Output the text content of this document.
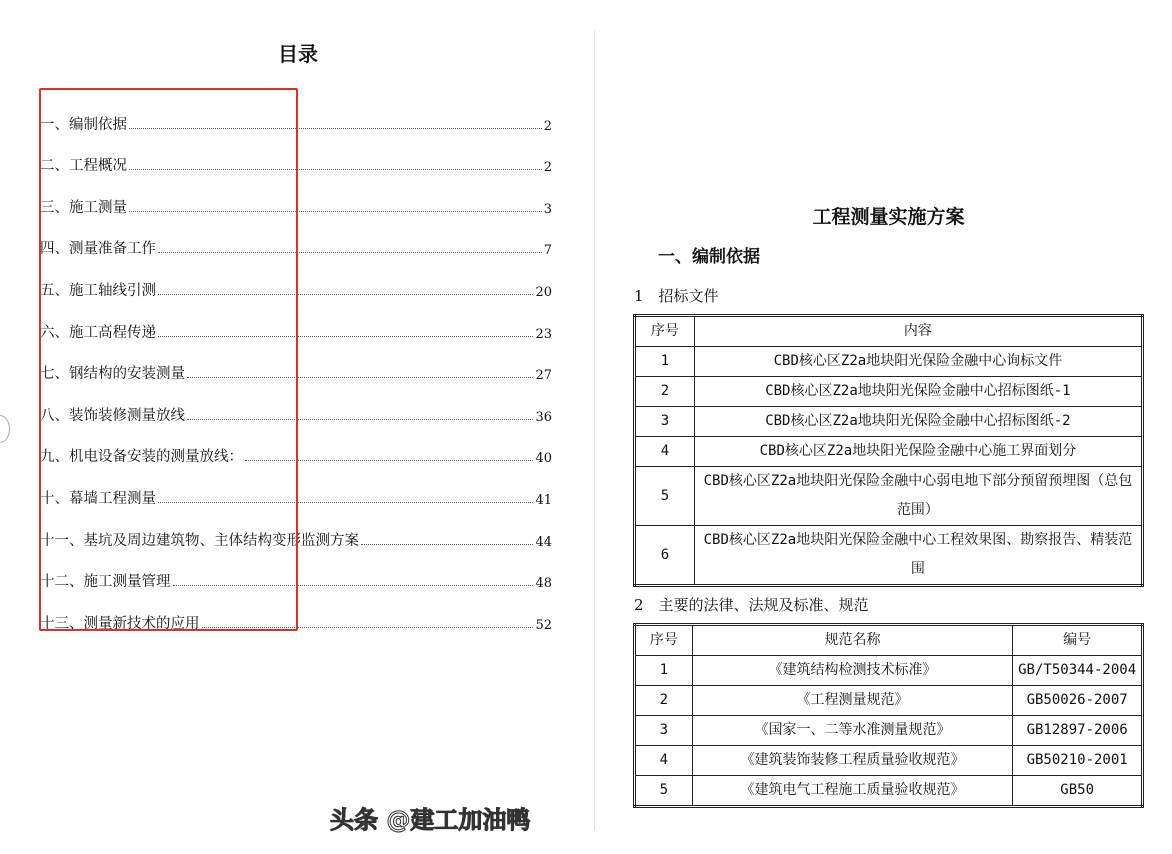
目录
一、编制依据	2
二、工程概况	2
三、施工测量	3
四、测量准备工作	7
五、施工轴线引测	20
六、施工高程传递	23
七、钢结构的安装测量	27
八、装饰装修测量放线	36
九、机电设备安装的测量放线：	40
十、幕墙工程测量	41
十一、基坑及周边建筑物、主体结构变形监测方案	44
十二、施工测量管理	48
十三、测量新技术的应用	52
工程测量实施方案
一、编制依据
1　招标文件
序号	内容
1	CBD核心区Z2a地块阳光保险金融中心询标文件
2	CBD核心区Z2a地块阳光保险金融中心招标图纸-1
3	CBD核心区Z2a地块阳光保险金融中心招标图纸-2
4	CBD核心区Z2a地块阳光保险金融中心施工界面划分
5	CBD核心区Z2a地块阳光保险金融中心弱电地下部分预留预埋图（总包范围）
6	CBD核心区Z2a地块阳光保险金融中心工程效果图、勘察报告、精装范围
2　主要的法律、法规及标准、规范
序号	规范名称	编号
1	《建筑结构检测技术标准》	GB/T50344-2004
2	《工程测量规范》	GB50026-2007
3	《国家一、二等水准测量规范》	GB12897-2006
4	《建筑装饰装修工程质量验收规范》	GB50210-2001
5	《建筑电气工程施工质量验收规范》	GB50
头条 @建工加油鸭
